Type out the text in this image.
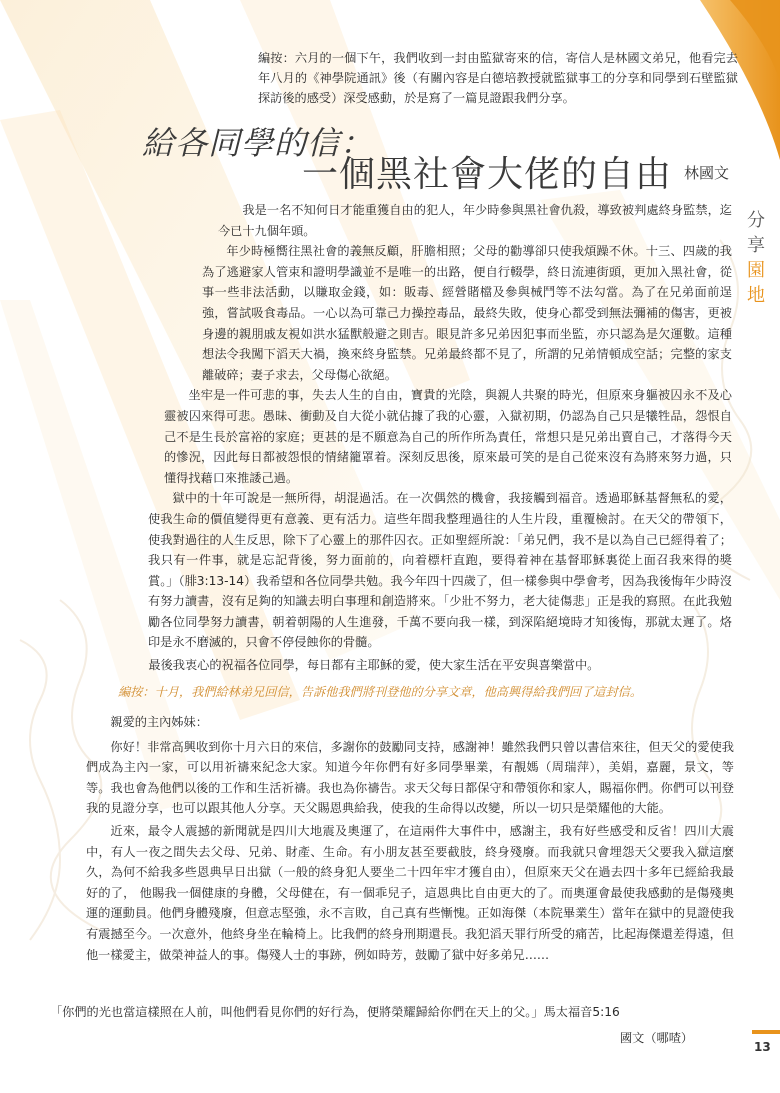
編按：六月的一個下午，我們收到一封由監獄寄來的信，寄信人是林國文弟兄，他看完去年八月的《神學院通訊》後（有關內容是白德培教授就監獄事工的分享和同學到石壁監獄探訪後的感受）深受感動，於是寫了一篇見證跟我們分享。
給各同學的信：
一個黑社會大佬的自由 林國文
分
享
園
地

我是一名不知何日才能重獲自由的犯人，年少時參與黑社會仇殺，導致被判處終身監禁，迄今已十九個年頭。

年少時極嚮往黑社會的義無反顧，肝膽相照；父母的勸導卻只使我煩躁不休。十三、四歲的我為了逃避家人管束和證明學識並不是唯一的出路，便自行輟學，終日流連街頭，更加入黑社會，從事一些非法活動，以賺取金錢，如：販毒、經營賭檔及參與械鬥等不法勾當。為了在兄弟面前逞強，嘗試吸食毒品。一心以為可靠己力操控毒品，最終失敗，使身心都受到無法彌補的傷害，更被身邊的親朋戚友視如洪水猛獸般避之則吉。眼見許多兄弟因犯事而坐監，亦只認為是欠運數。這種想法令我闖下滔天大禍，換來終身監禁。兄弟最終都不見了，所謂的兄弟情頓成空話；完整的家支離破碎；妻子求去，父母傷心欲絕。

坐牢是一件可悲的事，失去人生的自由，寶貴的光陰，與親人共聚的時光，但原來身軀被囚永不及心靈被囚來得可悲。愚昧、衝動及自大從小就佔據了我的心靈，入獄初期，仍認為自己只是犧牲品，怨恨自己不是生長於富裕的家庭；更甚的是不願意為自己的所作所為責任，常想只是兄弟出賣自己，才落得今天的慘況，因此每日都被怨恨的情緒籠罩着。深刻反思後，原來最可笑的是自己從來沒有為將來努力過，只懂得找藉口來推諉己過。

獄中的十年可說是一無所得，胡混過活。在一次偶然的機會，我接觸到福音。透過耶穌基督無私的愛，使我生命的價值變得更有意義、更有活力。這些年間我整理過往的人生片段，重覆檢討。在天父的帶領下，使我對過往的人生反思，除下了心靈上的那件囚衣。正如聖經所說：「弟兄們，我不是以為自己已經得着了；我只有一件事，就是忘記背後，努力面前的，向着標杆直跑，要得着神在基督耶穌裏從上面召我來得的獎賞。」（腓3:13-14）我希望和各位同學共勉。我今年四十四歲了，但一樣參與中學會考，因為我後悔年少時沒有努力讀書，沒有足夠的知識去明白事理和創造將來。「少壯不努力，老大徒傷悲」正是我的寫照。在此我勉勵各位同學努力讀書，朝着朝陽的人生進發，千萬不要向我一樣，到深陷絕境時才知後悔，那就太遲了。烙印是永不磨滅的，只會不停侵蝕你的骨髓。

最後我衷心的祝福各位同學，每日都有主耶穌的愛，使大家生活在平安與喜樂當中。

編按：十月，我們給林弟兄回信，告訴他我們將刊登他的分享文章，他高興得給我們回了這封信。

親愛的主內姊妹：

你好！非常高興收到你十月六日的來信，多謝你的鼓勵同支持，感謝神！雖然我們只曾以書信來往，但天父的愛使我們成為主內一家，可以用祈禱來紀念大家。知道今年你們有好多同學畢業，有靚媽（周瑞萍），美娟，嘉麗，景文，等等。我也會為他們以後的工作和生活祈禱。我也為你禱告。求天父每日都保守和帶領你和家人，賜福你們。你們可以刊登我的見證分享，也可以跟其他人分享。天父賜恩典給我，使我的生命得以改變，所以一切只是榮耀他的大能。

近來，最令人震撼的新聞就是四川大地震及奧運了，在這兩件大事件中，感謝主，我有好些感受和反省！四川大震中，有人一夜之間失去父母、兄弟、財產、生命。有小朋友甚至要截肢，終身殘廢。而我就只會埋怨天父要我入獄這麼久，為何不給我多些恩典早日出獄（一般的終身犯人要坐二十四年牢才獲自由），但原來天父在過去四十多年已經給我最好的了， 他賜我一個健康的身體，父母健在，有一個乖兒子，這恩典比自由更大的了。而奧運會最使我感動的是傷殘奧運的運動員。他們身體殘廢，但意志堅強，永不言敗，自己真有些慚愧。正如海傑（本院畢業生）當年在獄中的見證使我有震撼至今。一次意外，他終身坐在輪椅上。比我們的終身刑期還長。我犯滔天罪行所受的痛苦，比起海傑還差得遠，但他一樣愛主，做榮神益人的事。傷殘人士的事跡，例如時芳，鼓勵了獄中好多弟兄……

「你們的光也當這樣照在人前，叫他們看見你們的好行為，便將榮耀歸給你們在天上的父。」馬太福音5:16
國文（哪喳）
13
